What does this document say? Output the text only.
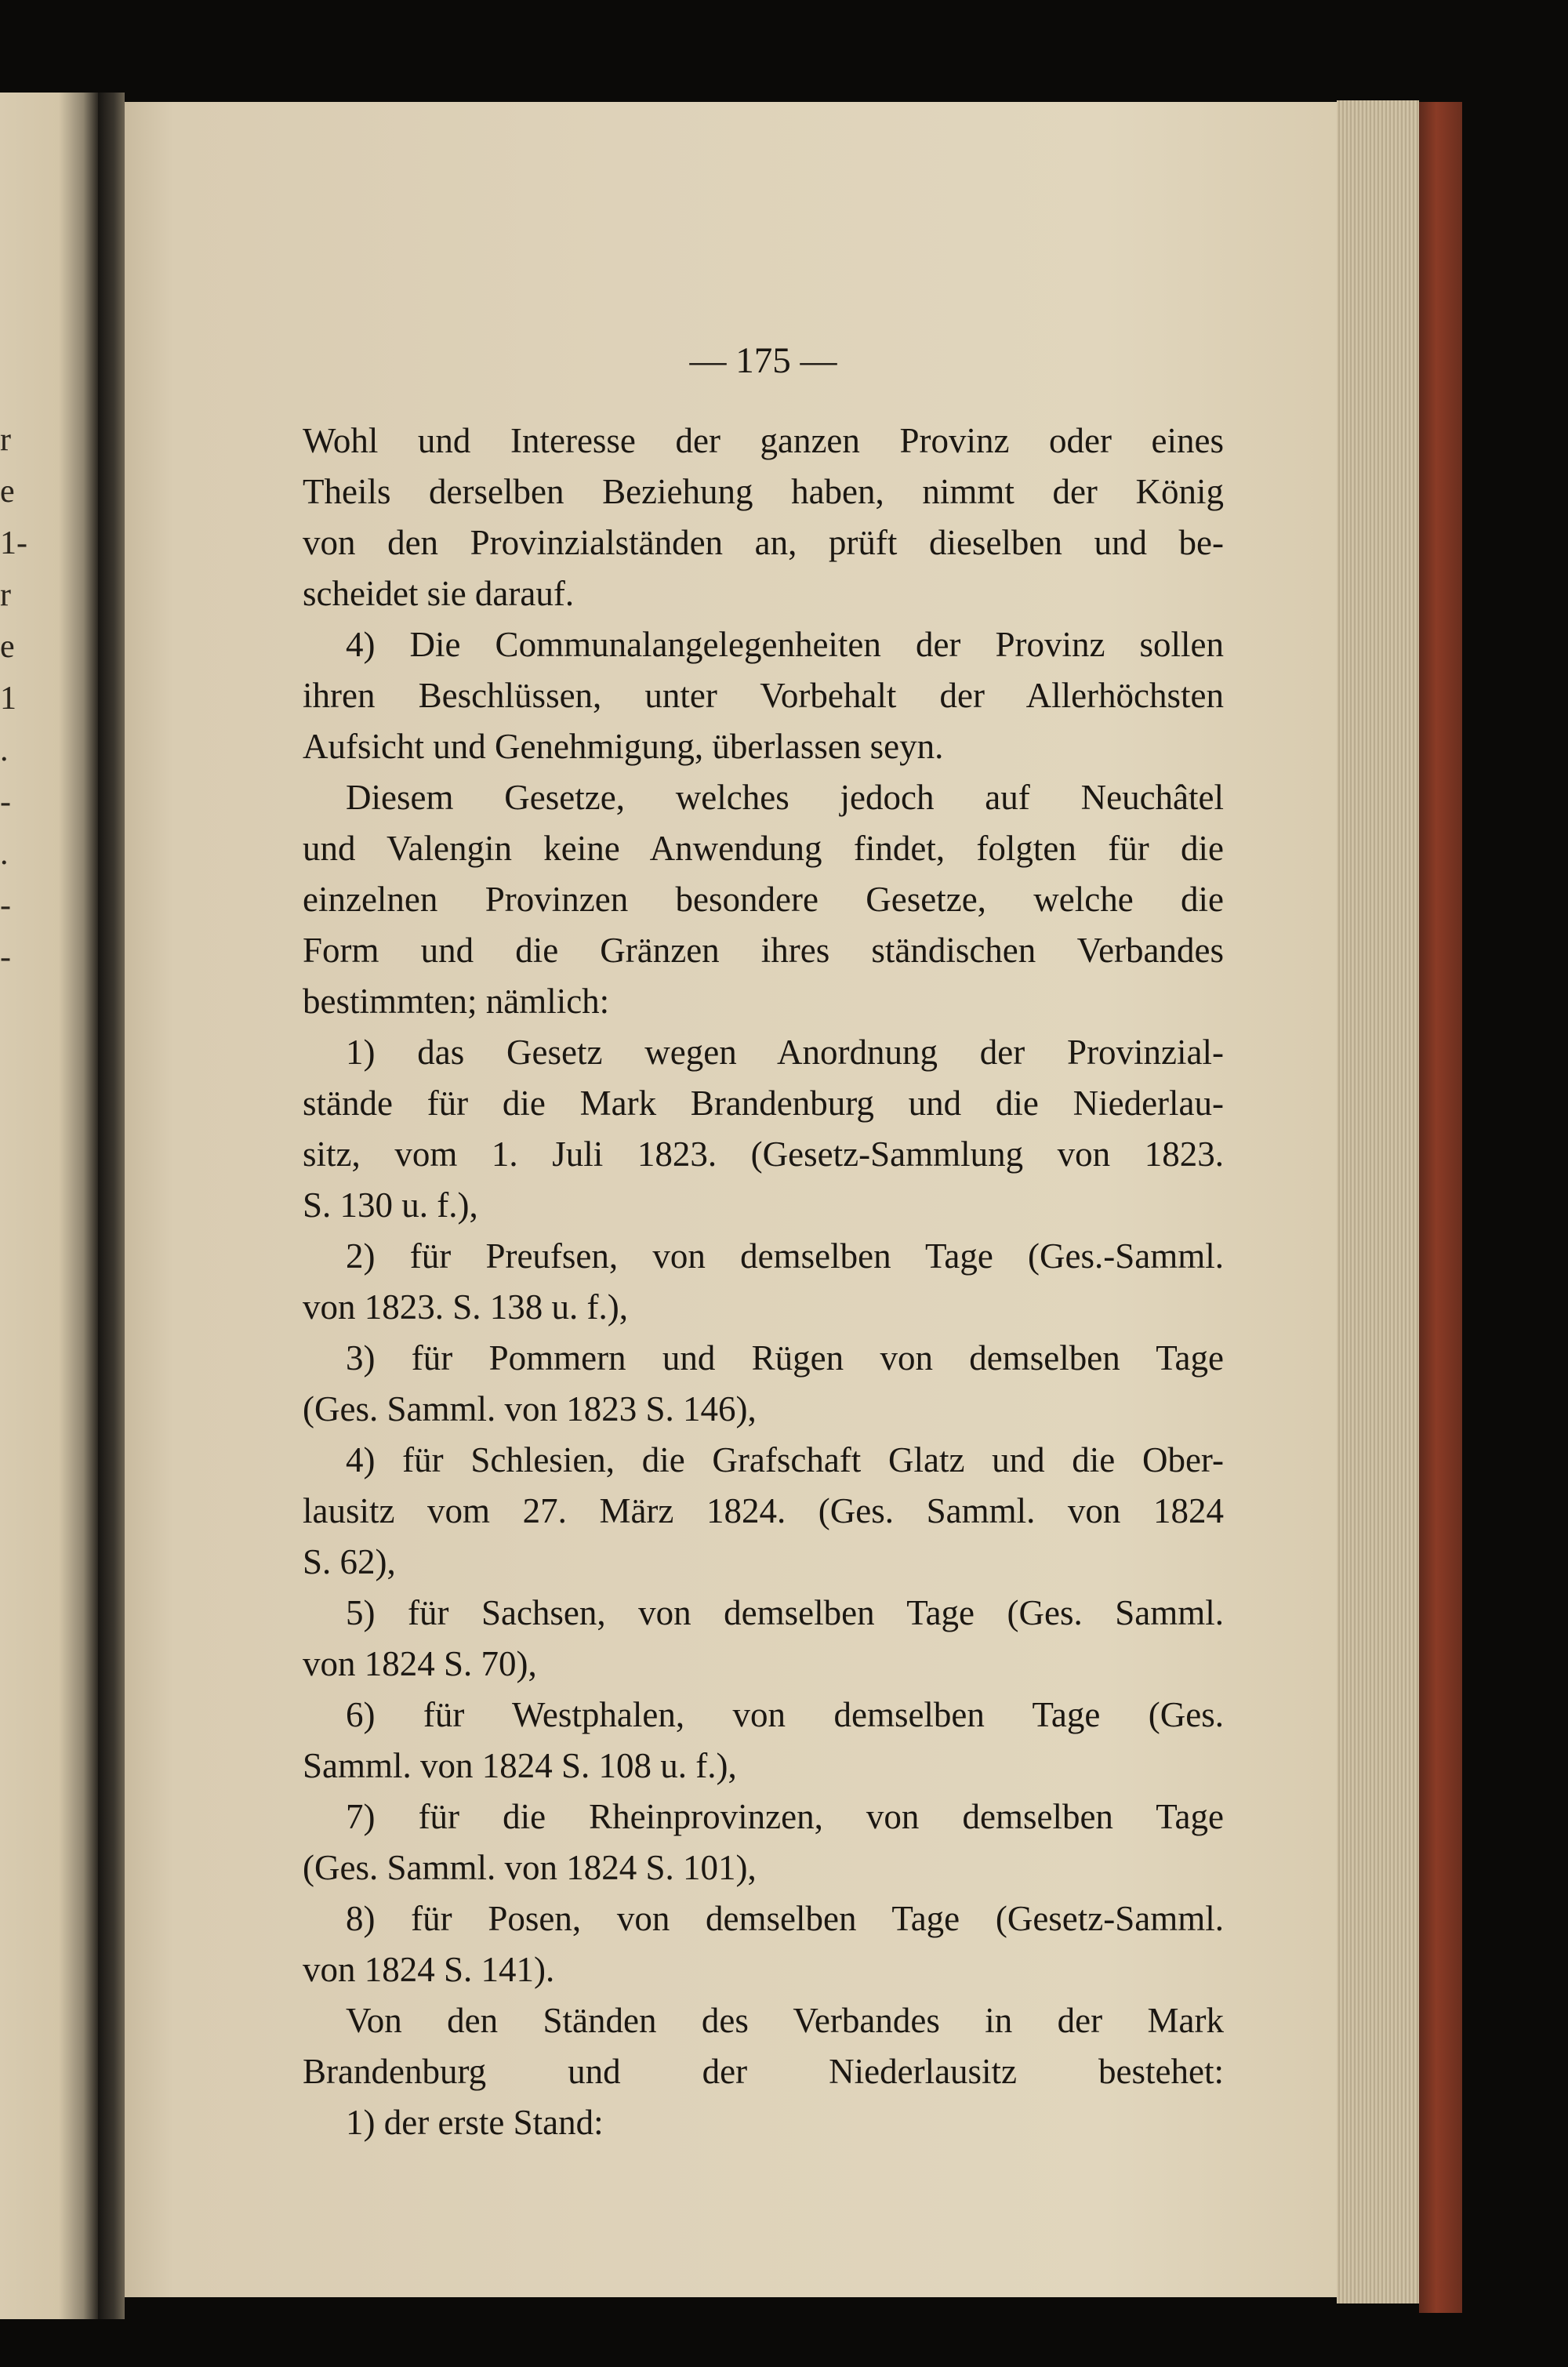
r
e
1-
r
e
1
.
-
.
-
-
— 175 —
Wohl und Interesse der ganzen Provinz oder eines
Theils derselben Beziehung haben, nimmt der König
von den Provinzialständen an, prüft dieselben und be-
scheidet sie darauf.
4) Die Communalangelegenheiten der Provinz sollen
ihren Beschlüssen, unter Vorbehalt der Allerhöchsten
Aufsicht und Genehmigung, überlassen seyn.
Diesem Gesetze, welches jedoch auf Neuchâtel
und Valengin keine Anwendung findet, folgten für die
einzelnen Provinzen besondere Gesetze, welche die
Form und die Gränzen ihres ständischen Verbandes
bestimmten; nämlich:
1) das Gesetz wegen Anordnung der Provinzial-
stände für die Mark Brandenburg und die Niederlau-
sitz, vom 1. Juli 1823. (Gesetz-Sammlung von 1823.
S. 130 u. f.),
2) für Preufsen, von demselben Tage (Ges.-Samml.
von 1823. S. 138 u. f.),
3) für Pommern und Rügen von demselben Tage
(Ges. Samml. von 1823 S. 146),
4) für Schlesien, die Grafschaft Glatz und die Ober-
lausitz vom 27. März 1824. (Ges. Samml. von 1824
S. 62),
5) für Sachsen, von demselben Tage (Ges. Samml.
von 1824 S. 70),
6) für Westphalen, von demselben Tage (Ges.
Samml. von 1824 S. 108 u. f.),
7) für die Rheinprovinzen, von demselben Tage
(Ges. Samml. von 1824 S. 101),
8) für Posen, von demselben Tage (Gesetz-Samml.
von 1824 S. 141).
Von den Ständen des Verbandes in der Mark
Brandenburg und der Niederlausitz bestehet:
1) der erste Stand:
